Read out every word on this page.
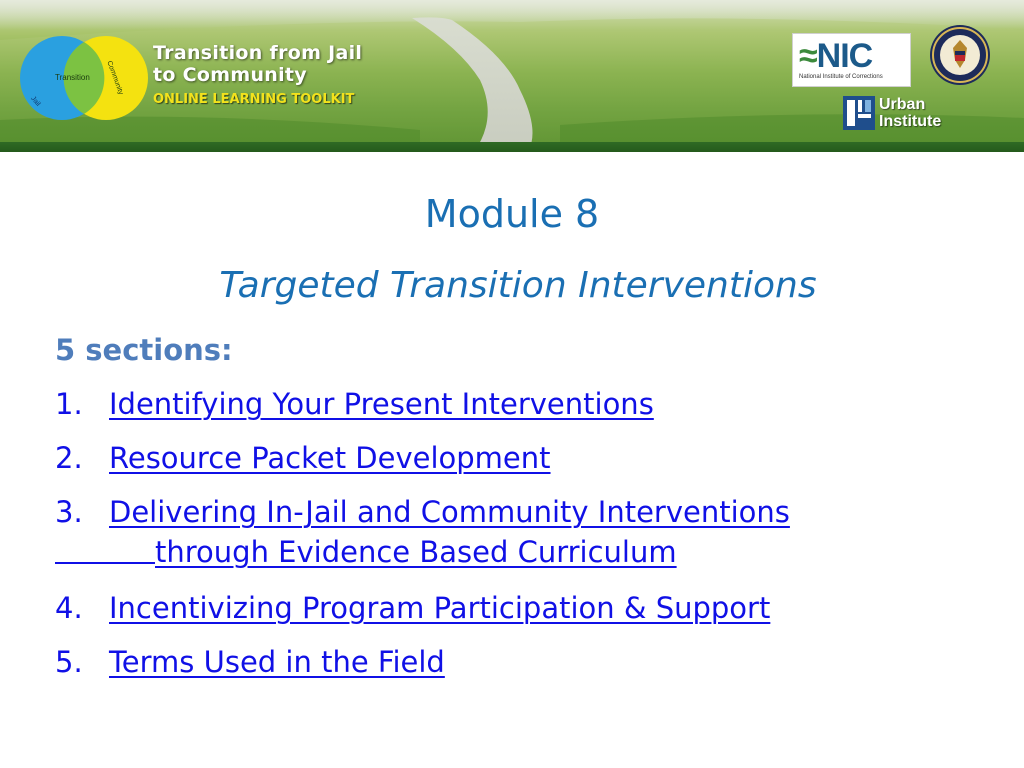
Transition Community
Jail
Transition from Jail
to Community
ONLINE LEARNING TOOLKIT
≈NIC
National Institute of Corrections
Urban
Institute
Module 8
Targeted Transition Interventions
5 sections:
1. Identifying Your Present Interventions
2. Resource Packet Development
3. Delivering In-Jail and Community Interventions
through Evidence Based Curriculum
4. Incentivizing Program Participation & Support
5. Terms Used in the Field
